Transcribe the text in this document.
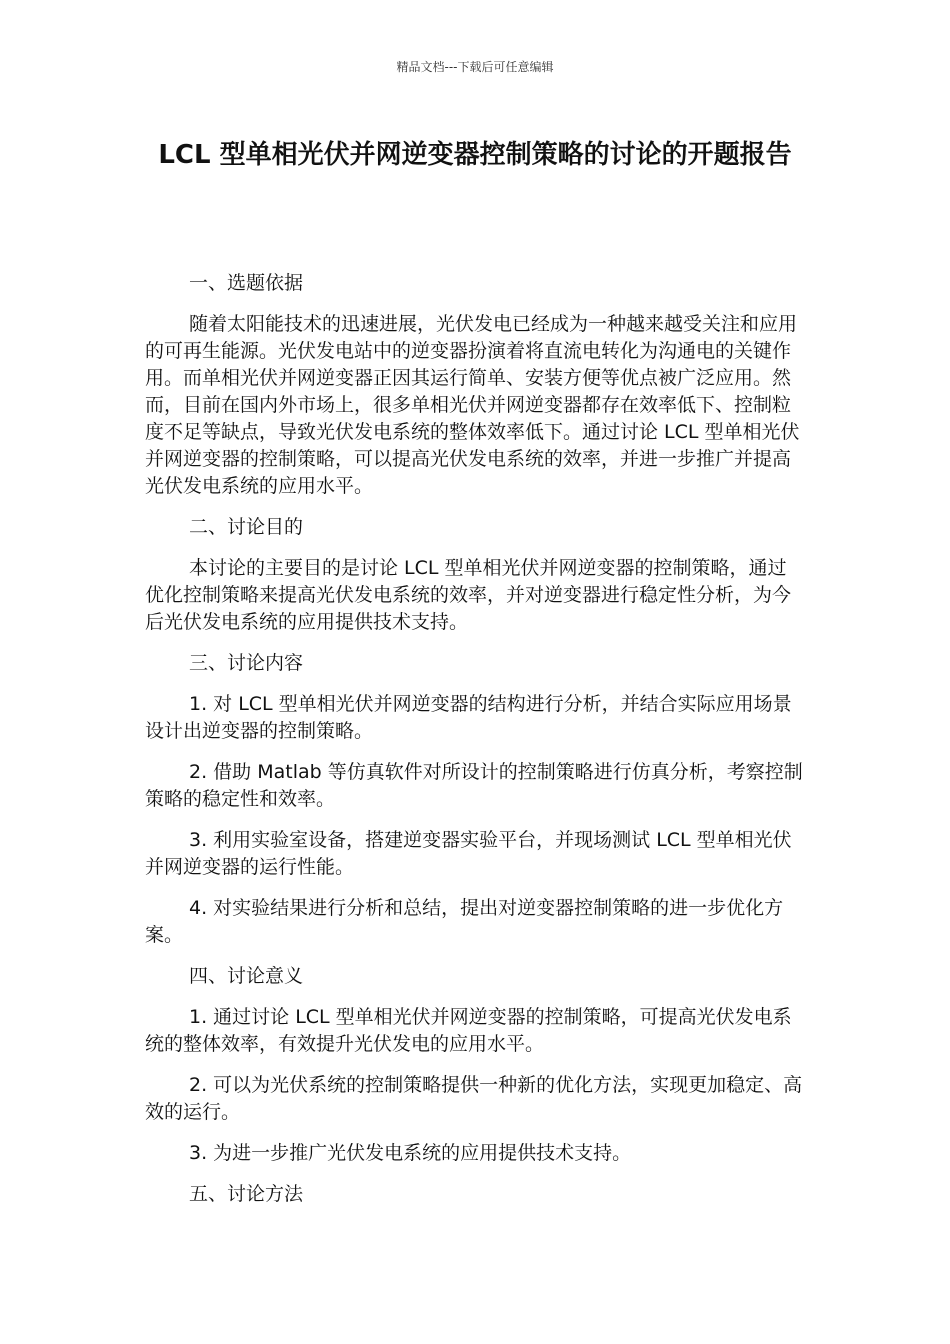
精品文档---下载后可任意编辑
LCL 型单相光伏并网逆变器控制策略的讨论的开题报告

一、选题依据

随着太阳能技术的迅速进展，光伏发电已经成为一种越来越受关注和应用的可再生能源。光伏发电站中的逆变器扮演着将直流电转化为沟通电的关键作用。而单相光伏并网逆变器正因其运行简单、安装方便等优点被广泛应用。然而，目前在国内外市场上，很多单相光伏并网逆变器都存在效率低下、控制粒度不足等缺点，导致光伏发电系统的整体效率低下。通过讨论 LCL 型单相光伏并网逆变器的控制策略，可以提高光伏发电系统的效率，并进一步推广并提高光伏发电系统的应用水平。

二、讨论目的

本讨论的主要目的是讨论 LCL 型单相光伏并网逆变器的控制策略，通过优化控制策略来提高光伏发电系统的效率，并对逆变器进行稳定性分析，为今后光伏发电系统的应用提供技术支持。

三、讨论内容

1. 对 LCL 型单相光伏并网逆变器的结构进行分析，并结合实际应用场景设计出逆变器的控制策略。

2. 借助 Matlab 等仿真软件对所设计的控制策略进行仿真分析，考察控制策略的稳定性和效率。

3. 利用实验室设备，搭建逆变器实验平台，并现场测试 LCL 型单相光伏并网逆变器的运行性能。

4. 对实验结果进行分析和总结，提出对逆变器控制策略的进一步优化方案。

四、讨论意义

1. 通过讨论 LCL 型单相光伏并网逆变器的控制策略，可提高光伏发电系统的整体效率，有效提升光伏发电的应用水平。

2. 可以为光伏系统的控制策略提供一种新的优化方法，实现更加稳定、高效的运行。

3. 为进一步推广光伏发电系统的应用提供技术支持。

五、讨论方法
